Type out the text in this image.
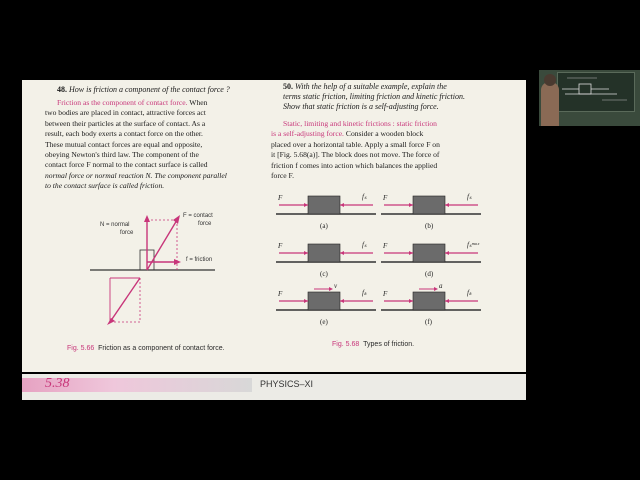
48. How is friction a component of the contact force ?
Friction as the component of contact force. When
two bodies are placed in contact, attractive forces act
between their particles at the surface of contact. As a
result, each body exerts a contact force on the other.
These mutual contact forces are equal and opposite,
obeying Newton's third law. The component of the
contact force F normal to the contact surface is called
normal force or normal reaction N. The component parallel
to the contact surface is called friction.
N = normal
force
F = contact
force
f = friction
Fig. 5.66 Friction as a component of contact force.
50. With the help of a suitable example, explain the
terms static friction, limiting friction and kinetic friction.
Show that static friction is a self-adjusting force.
Static, limiting and kinetic frictions : static friction
is a self-adjusting force. Consider a wooden block
placed over a horizontal table. Apply a small force F on
it [Fig. 5.68(a)]. The block does not move. The force of
friction f comes into action which balances the applied
force F.
F	fₛ
(a)
F	fₛ
(b)
F	fₛ
(c)
F	fₛᵐᵃˣ
(d)
F	fₖ
v
(e)
F	fₖ
a
(f)
Fig. 5.68 Types of friction.
5.38	PHYSICS–XI
